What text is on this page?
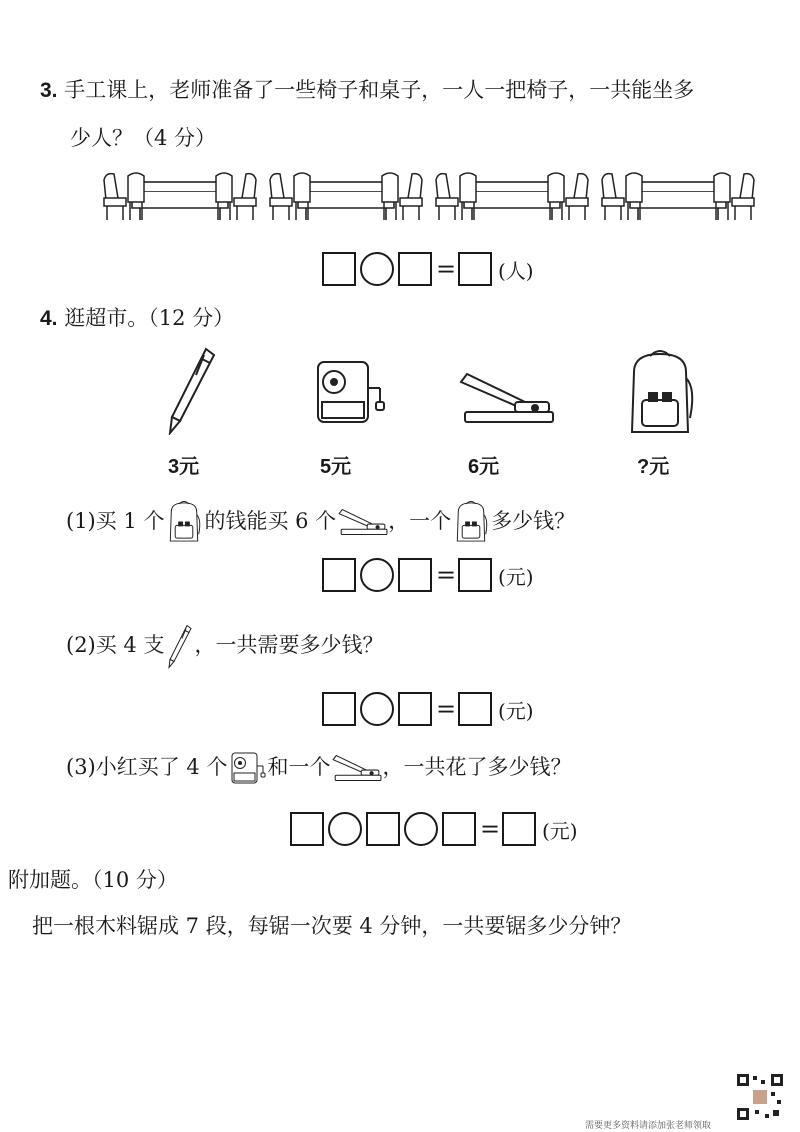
3. 手工课上，老师准备了一些椅子和桌子，一人一把椅子，一共能坐多
少人？（4 分）
= (人)
4. 逛超市。（12 分）
3元	5元	6元	?元
(1)买 1 个 的钱能买 6 个 ，一个 多少钱？
= (元)
(2)买 4 支 ，一共需要多少钱？
= (元)
(3)小红买了 4 个 和一个 ，一共花了多少钱？
= (元)
附加题。（10 分）
把一根木料锯成 7 段，每锯一次要 4 分钟，一共要锯多少分钟？
需要更多资料请添加张老师领取
